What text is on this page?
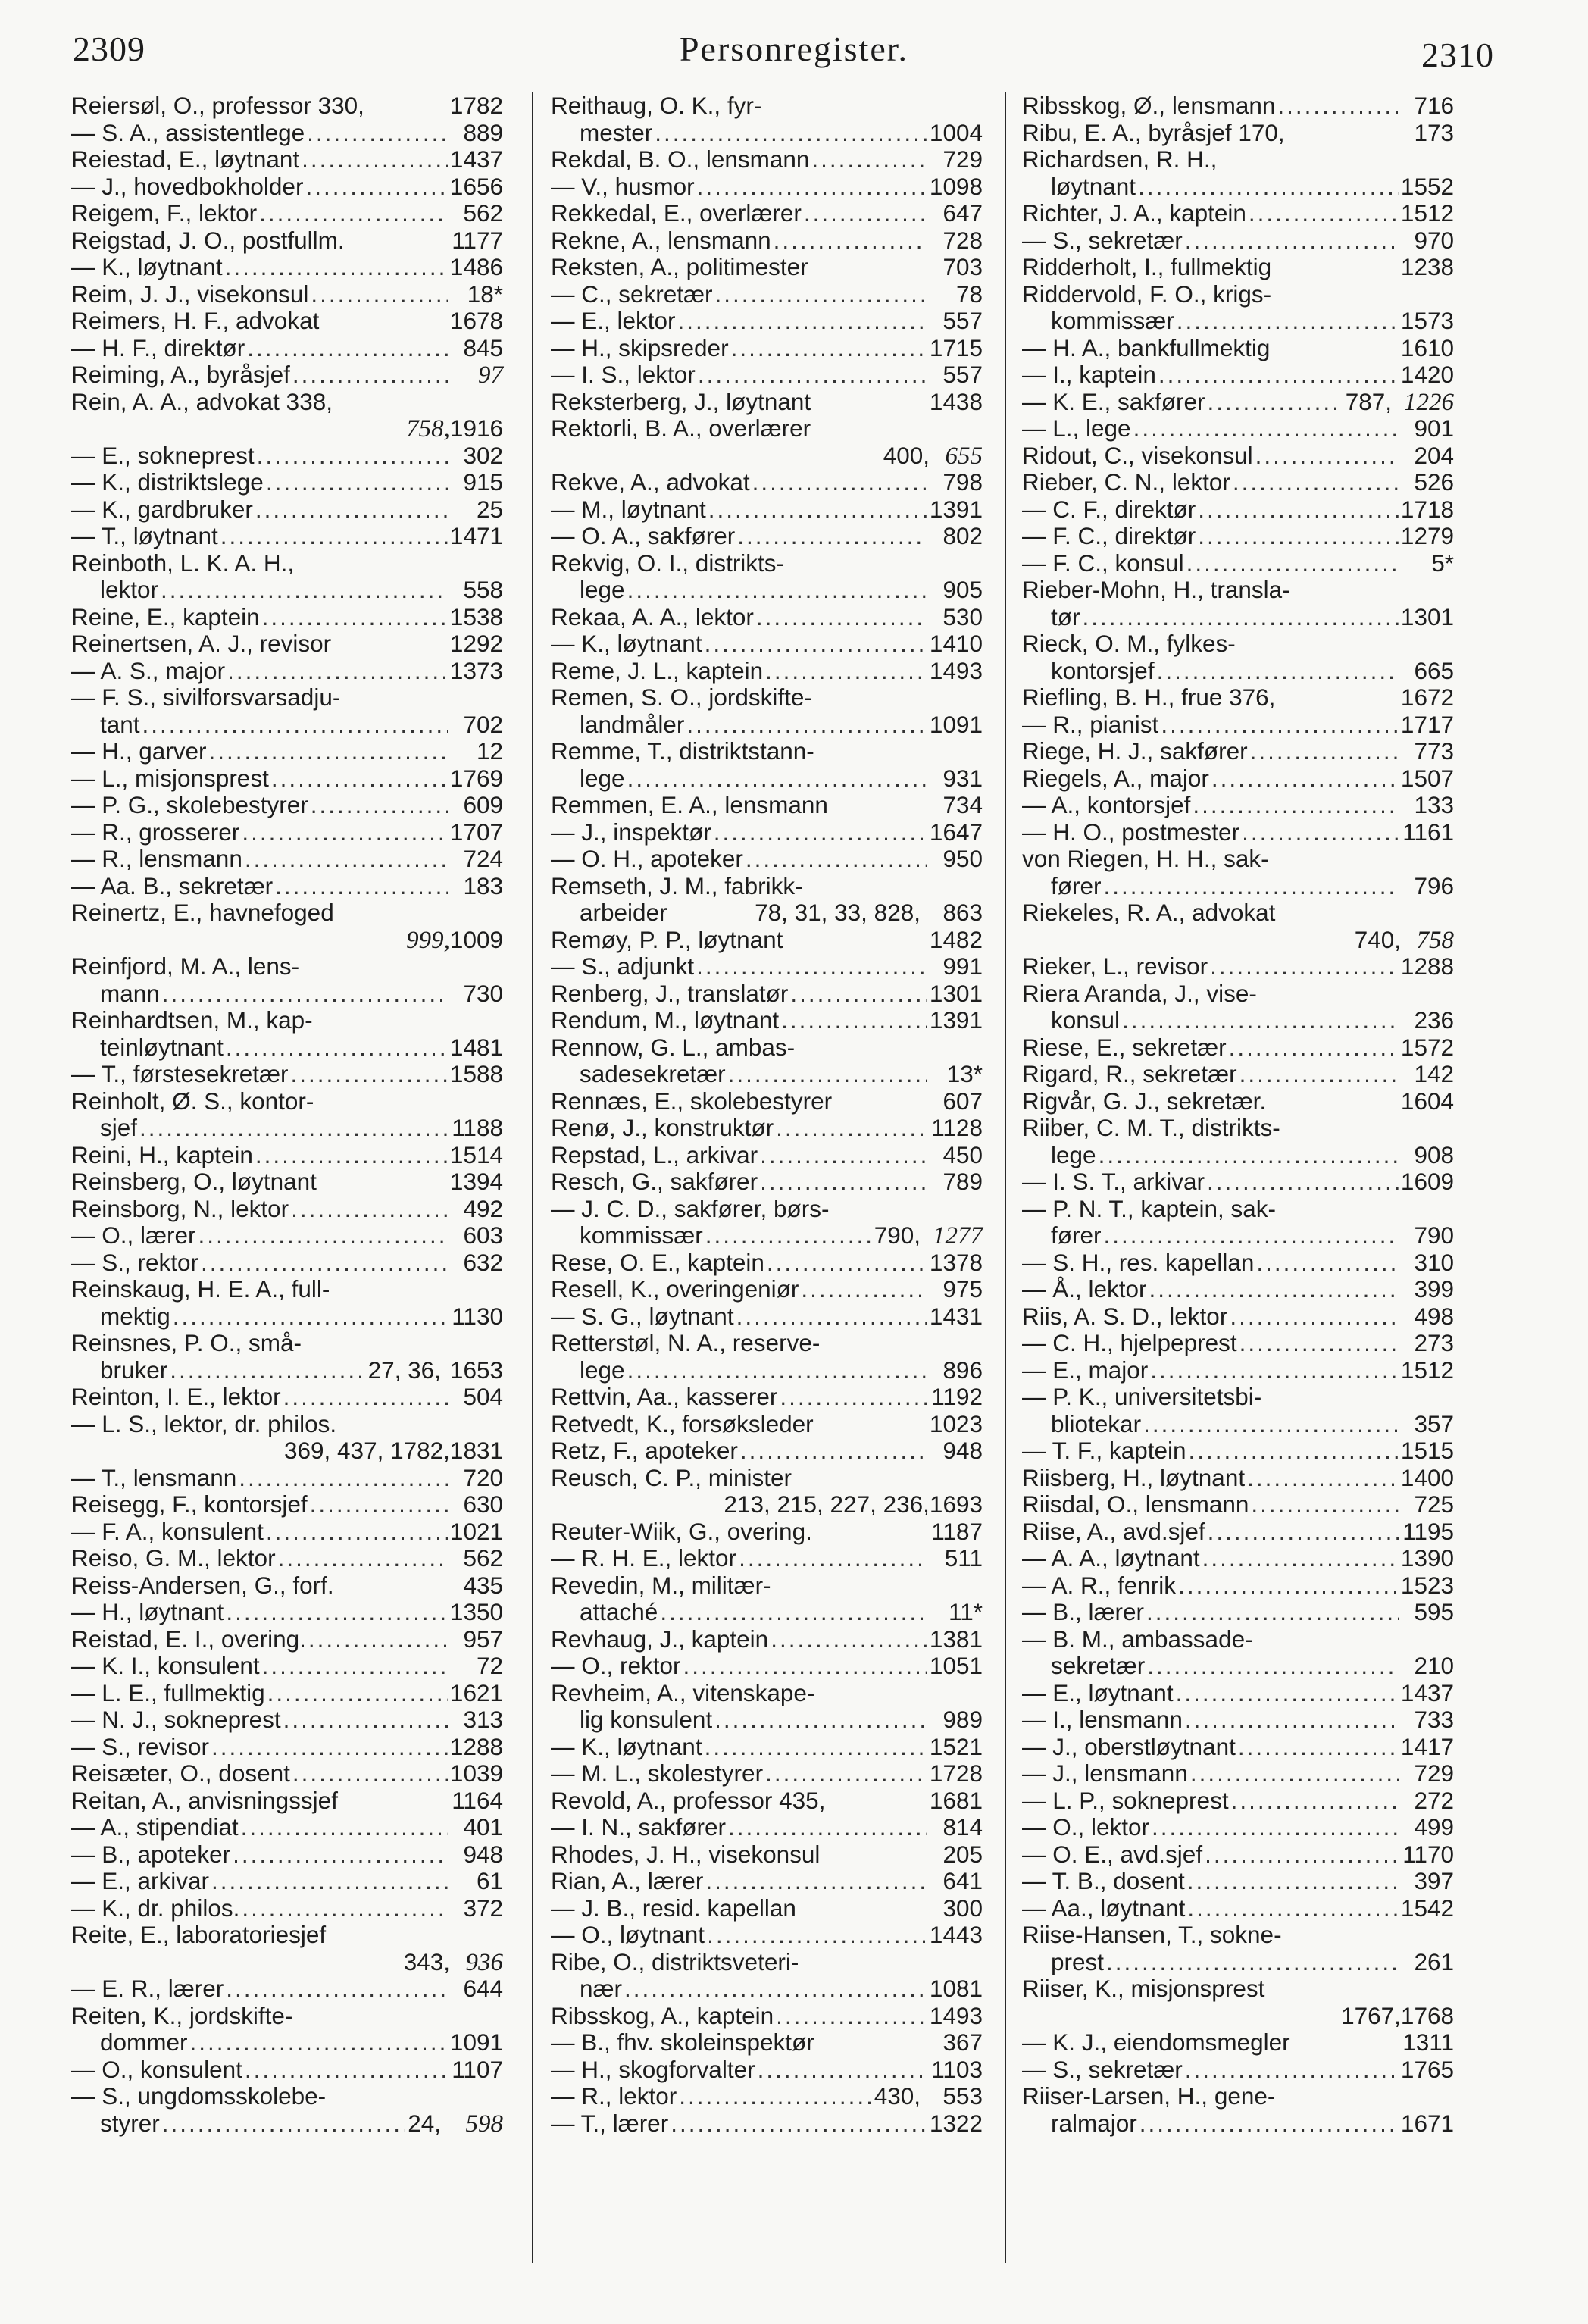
2309	Personregister.	2310
Reiersøl, O., professor 330,	1782
— S. A., assistentlege .....	889
Reiestad, E., løytnant .....	1437
— J., hovedbokholder .....	1656
Reigem, F., lektor .....	562
Reigstad, J. O., postfullm.	1177
— K., løytnant .....	1486
Reim, J. J., visekonsul .....	18*
Reimers, H. F., advokat	1678
— H. F., direktør .....	845
Reiming, A., byråsjef .....	97
Rein, A. A., advokat 338,
758, 1916
— E., sokneprest .....	302
— K., distriktslege .....	915
— K., gardbruker .....	25
— T., løytnant .....	1471
Reinboth, L. K. A. H.,
lektor .....	558
Reine, E., kaptein .....	1538
Reinertsen, A. J., revisor	1292
— A. S., major .....	1373
— F. S., sivilforsvarsadju-
tant .....	702
— H., garver .....	12
— L., misjonsprest .....	1769
— P. G., skolebestyrer .....	609
— R., grosserer .....	1707
— R., lensmann .....	724
— Aa. B., sekretær .....	183
Reinertz, E., havnefoged
999, 1009
Reinfjord, M. A., lens-
mann .....	730
Reinhardtsen, M., kap-
teinløytnant .....	1481
— T., førstesekretær .....	1588
Reinholt, Ø. S., kontor-
sjef .....	1188
Reini, H., kaptein .....	1514
Reinsberg, O., løytnant	1394
Reinsborg, N., lektor .....	492
— O., lærer .....	603
— S., rektor .....	632
Reinskaug, H. E. A., full-
mektig .....	1130
Reinsnes, P. O., små-
bruker .....	27, 36, 1653
Reinton, I. E., lektor .....	504
— L. S., lektor, dr. philos.
369, 437, 1782, 1831
— T., lensmann .....	720
Reisegg, F., kontorsjef .....	630
— F. A., konsulent .....	1021
Reiso, G. M., lektor .....	562
Reiss-Andersen, G., forf.	435
— H., løytnant .....	1350
Reistad, E. I., overing. .....	957
— K. I., konsulent .....	72
— L. E., fullmektig .....	1621
— N. J., sokneprest .....	313
— S., revisor .....	1288
Reisæter, O., dosent .....	1039
Reitan, A., anvisningssjef	1164
— A., stipendiat .....	401
— B., apoteker .....	948
— E., arkivar .....	61
— K., dr. philos. .....	372
Reite, E., laboratoriesjef
343, 936
— E. R., lærer .....	644
Reiten, K., jordskifte-
dommer .....	1091
— O., konsulent .....	1107
— S., ungdomsskolebe-
styrer .....	24, 598
Reithaug, O. K., fyr-
mester .....	1004
Rekdal, B. O., lensmann .....	729
— V., husmor .....	1098
Rekkedal, E., overlærer .....	647
Rekne, A., lensmann .....	728
Reksten, A., politimester	703
— C., sekretær .....	78
— E., lektor .....	557
— H., skipsreder .....	1715
— I. S., lektor .....	557
Reksterberg, J., løytnant	1438
Rektorli, B. A., overlærer
400, 655
Rekve, A., advokat .....	798
— M., løytnant .....	1391
— O. A., sakfører .....	802
Rekvig, O. I., distrikts-
lege .....	905
Rekaa, A. A., lektor .....	530
— K., løytnant .....	1410
Reme, J. L., kaptein .....	1493
Remen, S. O., jordskifte-
landmåler .....	1091
Remme, T., distriktstann-
lege .....	931
Remmen, E. A., lensmann	734
— J., inspektør .....	1647
— O. H., apoteker .....	950
Remseth, J. M., fabrikk-
arbeider	78, 31, 33, 828, 863
Remøy, P. P., løytnant	1482
— S., adjunkt .....	991
Renberg, J., translatør .....	1301
Rendum, M., løytnant .....	1391
Rennow, G. L., ambas-
sadesekretær .....	13*
Rennæs, E., skolebestyrer	607
Renø, J., konstruktør .....	1128
Repstad, L., arkivar .....	450
Resch, G., sakfører .....	789
— J. C. D., sakfører, børs-
kommissær .....	790, 1277
Rese, O. E., kaptein .....	1378
Resell, K., overingeniør .....	975
— S. G., løytnant .....	1431
Retterstøl, N. A., reserve-
lege .....	896
Rettvin, Aa., kasserer .....	1192
Retvedt, K., forsøksleder	1023
Retz, F., apoteker .....	948
Reusch, C. P., minister
213, 215, 227, 236, 1693
Reuter-Wiik, G., overing.	1187
— R. H. E., lektor .....	511
Revedin, M., militær-
attaché .....	11*
Revhaug, J., kaptein .....	1381
— O., rektor .....	1051
Revheim, A., vitenskape-
lig konsulent .....	989
— K., løytnant .....	1521
— M. L., skolestyrer .....	1728
Revold, A., professor 435,	1681
— I. N., sakfører .....	814
Rhodes, J. H., visekonsul	205
Rian, A., lærer .....	641
— J. B., resid. kapellan	300
— O., løytnant .....	1443
Ribe, O., distriktsveteri-
nær .....	1081
Ribsskog, A., kaptein .....	1493
— B., fhv. skoleinspektør	367
— H., skogforvalter .....	1103
— R., lektor .....	430, 553
— T., lærer .....	1322
Ribsskog, Ø., lensmann .....	716
Ribu, E. A., byråsjef 170,	173
Richardsen, R. H.,
løytnant .....	1552
Richter, J. A., kaptein .....	1512
— S., sekretær .....	970
Ridderholt, I., fullmektig	1238
Riddervold, F. O., krigs-
kommissær .....	1573
— H. A., bankfullmektig	1610
— I., kaptein .....	1420
— K. E., sakfører .....	787, 1226
— L., lege .....	901
Ridout, C., visekonsul .....	204
Rieber, C. N., lektor .....	526
— C. F., direktør .....	1718
— F. C., direktør .....	1279
— F. C., konsul .....	5*
Rieber-Mohn, H., transla-
tør .....	1301
Rieck, O. M., fylkes-
kontorsjef .....	665
Riefling, B. H., frue 376,	1672
— R., pianist .....	1717
Riege, H. J., sakfører .....	773
Riegels, A., major .....	1507
— A., kontorsjef .....	133
— H. O., postmester .....	1161
von Riegen, H. H., sak-
fører .....	796
Riekeles, R. A., advokat
740, 758
Rieker, L., revisor .....	1288
Riera Aranda, J., vise-
konsul .....	236
Riese, E., sekretær .....	1572
Rigard, R., sekretær .....	142
Rigvår, G. J., sekretær.	1604
Riiber, C. M. T., distrikts-
lege .....	908
— I. S. T., arkivar .....	1609
— P. N. T., kaptein, sak-
fører .....	790
— S. H., res. kapellan .....	310
— Å., lektor .....	399
Riis, A. S. D., lektor .....	498
— C. H., hjelpeprest .....	273
— E., major .....	1512
— P. K., universitetsbi-
bliotekar .....	357
— T. F., kaptein .....	1515
Riisberg, H., løytnant .....	1400
Riisdal, O., lensmann .....	725
Riise, A., avd.sjef .....	1195
— A. A., løytnant .....	1390
— A. R., fenrik .....	1523
— B., lærer .....	595
— B. M., ambassade-
sekretær .....	210
— E., løytnant .....	1437
— I., lensmann .....	733
— J., oberstløytnant .....	1417
— J., lensmann .....	729
— L. P., sokneprest .....	272
— O., lektor .....	499
— O. E., avd.sjef .....	1170
— T. B., dosent .....	397
— Aa., løytnant .....	1542
Riise-Hansen, T., sokne-
prest .....	261
Riiser, K., misjonsprest
1767, 1768
— K. J., eiendomsmegler	1311
— S., sekretær .....	1765
Riiser-Larsen, H., gene-
ralmajor .....	1671
